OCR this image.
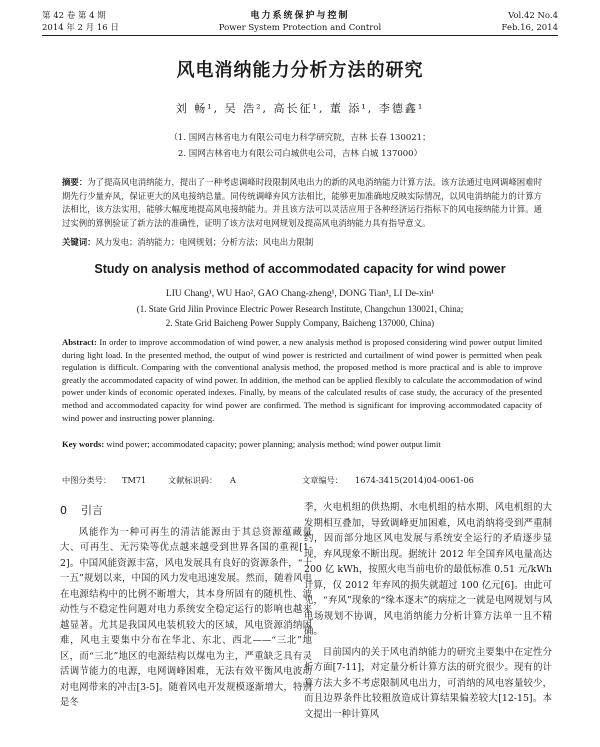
第 42 卷 第 4 期
2014 年 2 月 16 日
电力系统保护与控制
Power System Protection and Control
Vol.42 No.4
Feb.16, 2014
风电消纳能力分析方法的研究
刘 畅¹, 吴 浩², 高长征¹, 董 添¹, 李德鑫¹
（1. 国网吉林省电力有限公司电力科学研究院，吉林 长春 130021；
2. 国网吉林省电力有限公司白城供电公司，吉林 白城 137000）
摘要：为了提高风电消纳能力，提出了一种考虑调峰时段限制风电出力的新的风电消纳能力计算方法。该方法通过电网调峰困难时期先行少量弃风，保证更大的风电接纳总量。同传统调峰弃风方法相比，能够更加准确地反映实际情况，以风电消纳能力的计算方法相比，该方法实用，能够大幅度地提高风电接纳能力。并且该方法可以灵活应用于各种经济运行指标下的风电接纳能力计算。通过实例的算例验证了新方法的准确性，证明了该方法对电网规划及提高风电消纳能力具有指导意义。
关键词：风力发电；消纳能力；电网规划；分析方法；风电出力限制
Study on analysis method of accommodated capacity for wind power
LIU Chang¹, WU Hao², GAO Chang-zheng¹, DONG Tian¹, LI De-xin¹
(1. State Grid Jilin Province Electric Power Research Institute, Changchun 130021, China;
2. State Grid Baicheng Power Supply Company, Baicheng 137000, China)
Abstract: In order to improve accommodation of wind power, a new analysis method is proposed considering wind power output limited during light load. In the presented method, the output of wind power is restricted and curtailment of wind power is permitted when peak regulation is difficult. Comparing with the conventional analysis method, the proposed method is more practical and is able to improve greatly the accommodated capacity of wind power. In addition, the method can be applied flexibly to calculate the accommodation of wind power under kinds of economic operated indexes. Finally, by means of the calculated results of case study, the accuracy of the presented method and accommodated capacity for wind power are confirmed. The method is significant for improving accommodated capacity of wind power and instructing power planning.
Key words: wind power; accommodated capacity; power planning; analysis method; wind power output limit
中图分类号： TM71	文献标识码： A	文章编号： 1674-3415(2014)04-0061-06
0 引言

风能作为一种可再生的清洁能源由于其总资源蕴藏量大、可再生、无污染等优点越来越受到世界各国的重视[1-2]。中国风能资源丰富，风电发展具有良好的资源条件，“十一五”规划以来，中国的风力发电迅速发展。然而，随着风电在电源结构中的比例不断增大，其本身所固有的随机性、波动性与不稳定性问题对电力系统安全稳定运行的影响也越来越显著。尤其是我国风电装机较大的区域，风电资源消纳困难，风电主要集中分布在华北、东北、西北——“三北”地区，而“三北”地区的电源结构以煤电为主，严重缺乏具有灵活调节能力的电源，电网调峰困难，无法有效平衡风电波动对电网带来的冲击[3-5]。随着风电开发规模逐渐增大，特别是冬

季，火电机组的供热期、水电机组的枯水期、风电机组的大发期相互叠加，导致调峰更加困难，风电消纳将受到严重制约，因而部分地区风电发展与系统安全运行的矛盾逐步显现，弃风现象不断出现。据统计 2012 年全国弃风电量高达 200 亿 kWh，按照火电当前电价的最低标准 0.51 元/kWh 计算，仅 2012 年弃风的损失就超过 100 亿元[6]。由此可见，“弃风”现象的“缘本逐末”的病症之一就是电网规划与风电场规划不协调，风电消纳能力分析计算方法单一且不精确。

目前国内的关于风电消纳能力的研究主要集中在定性分析方面[7-11]，对定量分析计算方法的研究很少。现有的计算方法大多不考虑限制风电出力，可消纳的风电容量较少，而且边界条件比较粗放造成计算结果偏差较大[12-15]。本文提出一种计算风
